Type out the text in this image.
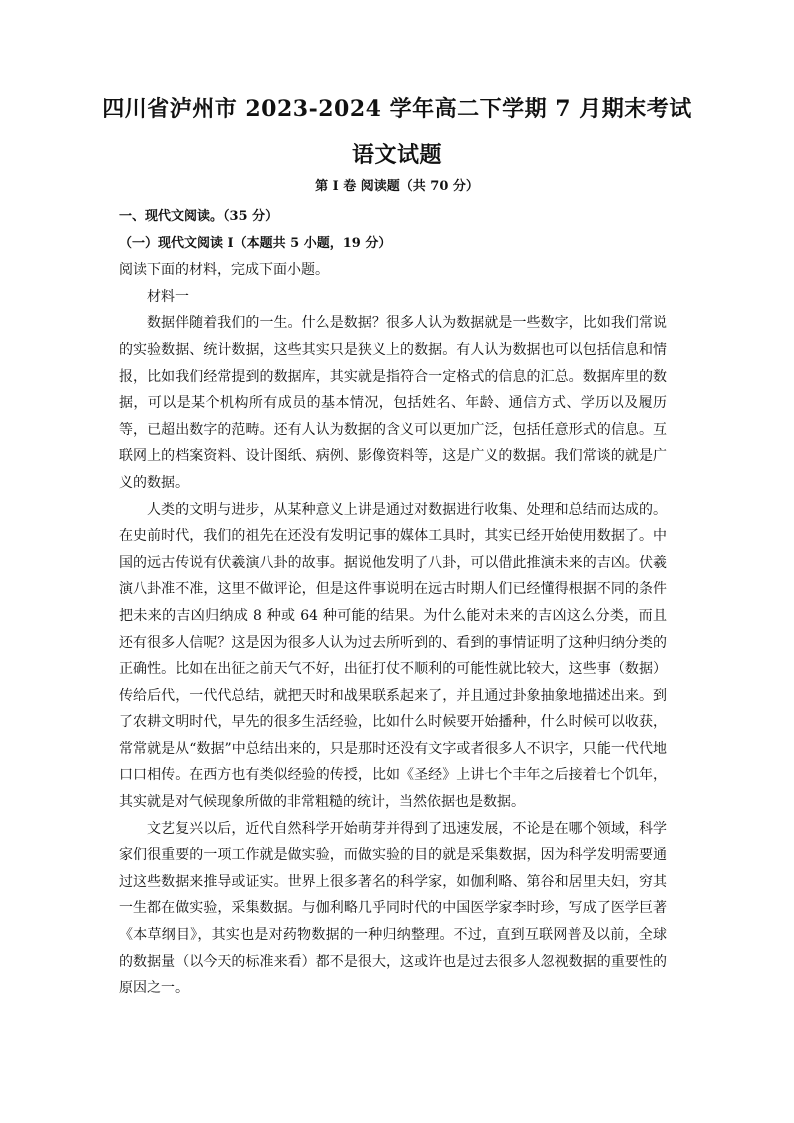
四川省泸州市 2023-2024 学年高二下学期 7 月期末考试
语文试题
第 I 卷 阅读题（共 70 分）

一、现代文阅读。（35 分）

（一）现代文阅读 I（本题共 5 小题，19 分）

阅读下面的材料，完成下面小题。

材料一

数据伴随着我们的一生。什么是数据？很多人认为数据就是一些数字，比如我们常说的实验数据、统计数据，这些其实只是狭义上的数据。有人认为数据也可以包括信息和情报，比如我们经常提到的数据库，其实就是指符合一定格式的信息的汇总。数据库里的数据，可以是某个机构所有成员的基本情况，包括姓名、年龄、通信方式、学历以及履历等，已超出数字的范畴。还有人认为数据的含义可以更加广泛，包括任意形式的信息。互联网上的档案资料、设计图纸、病例、影像资料等，这是广义的数据。我们常谈的就是广义的数据。

人类的文明与进步，从某种意义上讲是通过对数据进行收集、处理和总结而达成的。在史前时代，我们的祖先在还没有发明记事的媒体工具时，其实已经开始使用数据了。中国的远古传说有伏羲演八卦的故事。据说他发明了八卦，可以借此推演未来的吉凶。伏羲演八卦准不准，这里不做评论，但是这件事说明在远古时期人们已经懂得根据不同的条件把未来的吉凶归纳成 8 种或 64 种可能的结果。为什么能对未来的吉凶这么分类，而且还有很多人信呢？这是因为很多人认为过去所听到的、看到的事情证明了这种归纳分类的正确性。比如在出征之前天气不好，出征打仗不顺利的可能性就比较大，这些事（数据）传给后代，一代代总结，就把天时和战果联系起来了，并且通过卦象抽象地描述出来。到了农耕文明时代，早先的很多生活经验，比如什么时候要开始播种，什么时候可以收获，常常就是从“数据”中总结出来的，只是那时还没有文字或者很多人不识字，只能一代代地口口相传。在西方也有类似经验的传授，比如《圣经》上讲七个丰年之后接着七个饥年，其实就是对气候现象所做的非常粗糙的统计，当然依据也是数据。

文艺复兴以后，近代自然科学开始萌芽并得到了迅速发展，不论是在哪个领域，科学家们很重要的一项工作就是做实验，而做实验的目的就是采集数据，因为科学发明需要通过这些数据来推导或证实。世界上很多著名的科学家，如伽利略、第谷和居里夫妇，穷其一生都在做实验，采集数据。与伽利略几乎同时代的中国医学家李时珍，写成了医学巨著《本草纲目》，其实也是对药物数据的一种归纳整理。不过，直到互联网普及以前，全球的数据量（以今天的标准来看）都不是很大，这或许也是过去很多人忽视数据的重要性的原因之一。
